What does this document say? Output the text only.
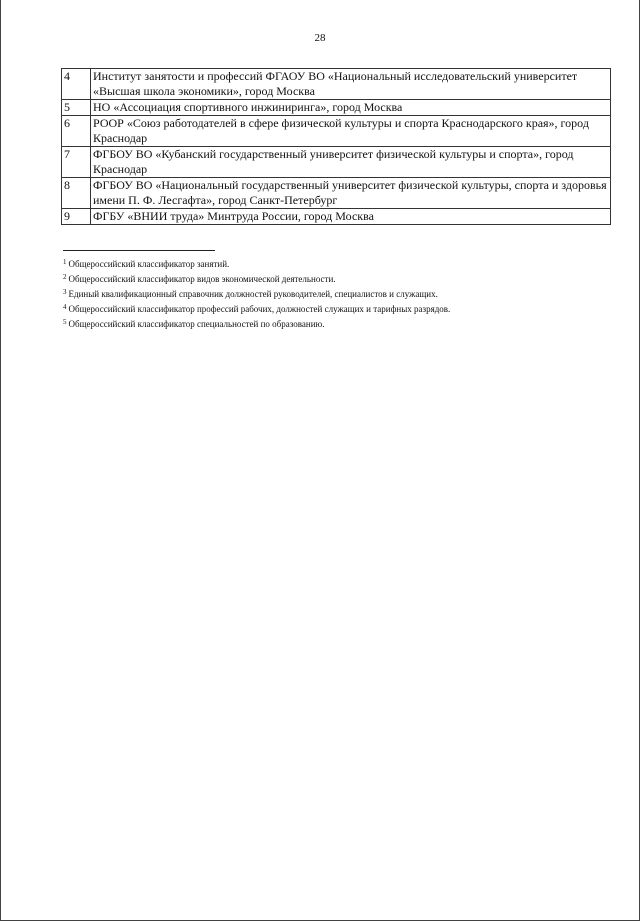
28
4	Институт занятости и профессий ФГАОУ ВО «Национальный исследовательский университет «Высшая школа экономики», город Москва
5	НО «Ассоциация спортивного инжиниринга», город Москва
6	РООР «Союз работодателей в сфере физической культуры и спорта Краснодарского края», город Краснодар
7	ФГБОУ ВО «Кубанский государственный университет физической культуры и спорта», город Краснодар
8	ФГБОУ ВО «Национальный государственный университет физической культуры, спорта и здоровья имени П. Ф. Лесгафта», город Санкт-Петербург
9	ФГБУ «ВНИИ труда» Минтруда России, город Москва
$^1$ Общероссийский классификатор занятий.
$^2$ Общероссийский классификатор видов экономической деятельности.
$^3$ Единый квалификационный справочник должностей руководителей, специалистов и служащих.
$^4$ Общероссийский классификатор профессий рабочих, должностей служащих и тарифных разрядов.
$^5$ Общероссийский классификатор специальностей по образованию.
